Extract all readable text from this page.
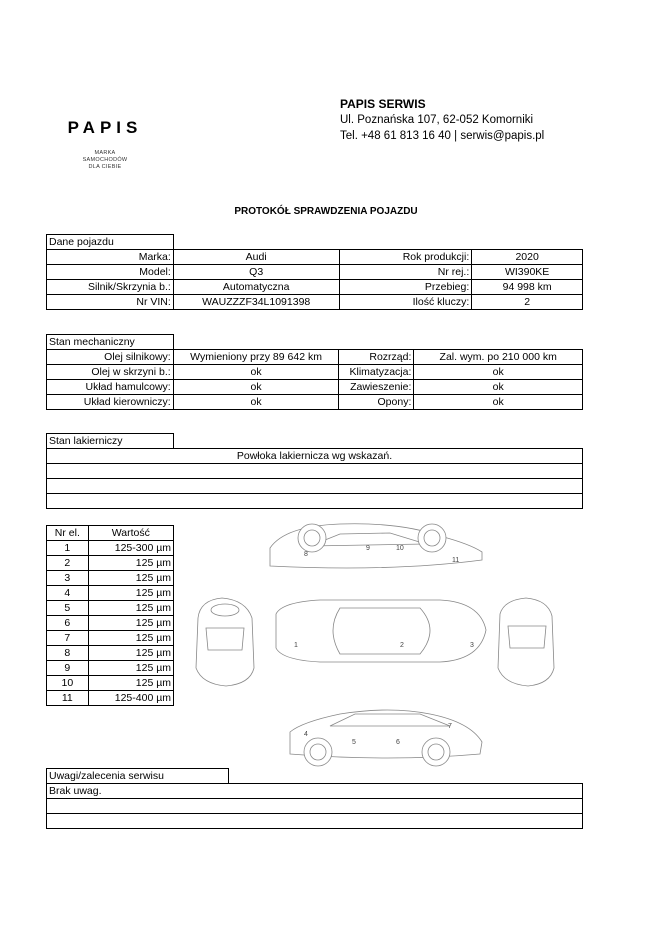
PAPIS
MARKA
SAMOCHODÓW
DLA CIEBIE
PAPIS SERWIS
Ul. Poznańska 107, 62-052 Komorniki
Tel. +48 61 813 16 40 | serwis@papis.pl
PROTOKÓŁ SPRAWDZENIA POJAZDU
Dane pojazdu			
Marka:	Audi	Rok produkcji:	2020
Model:	Q3	Nr rej.:	WI390KE
Silnik/Skrzynia b.:	Automatyczna	Przebieg:	94 998 km
Nr VIN:	WAUZZZF34L1091398	Ilość kluczy:	2
Stan mechaniczny			
Olej silnikowy:	Wymieniony przy 89 642 km	Rozrząd:	Zal. wym. po 210 000 km
Olej w skrzyni b.:	ok	Klimatyzacja:	ok
Układ hamulcowy:	ok	Zawieszenie:	ok
Układ kierowniczy:	ok	Opony:	ok
Stan lakierniczy	
Powłoka lakiernicza wg wskazań.

Nr el.	Wartość
1	125-300 µm
2	125 µm
3	125 µm
4	125 µm
5	125 µm
6	125 µm
7	125 µm
8	125 µm
9	125 µm
10	125 µm
11	125-400 µm
1	2	3
4
5	6
7
8
9	10
11
Uwagi/zalecenia serwisu	
Brak uwag.
